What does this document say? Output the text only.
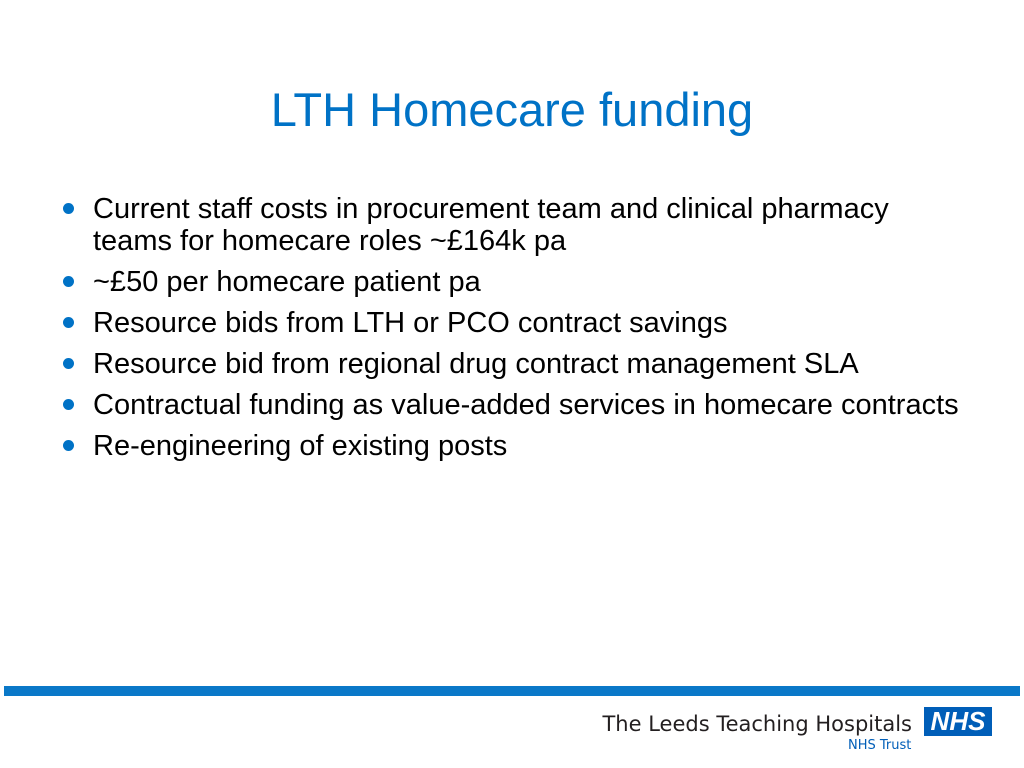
LTH Homecare funding
Current staff costs in procurement team and clinical pharmacy teams for homecare roles ~£164k pa
~£50 per homecare patient pa
Resource bids from LTH or PCO contract savings
Resource bid from regional drug contract management SLA
Contractual funding as value-added services in homecare contracts
Re-engineering of existing posts
The Leeds Teaching Hospitals NHS
NHS Trust
